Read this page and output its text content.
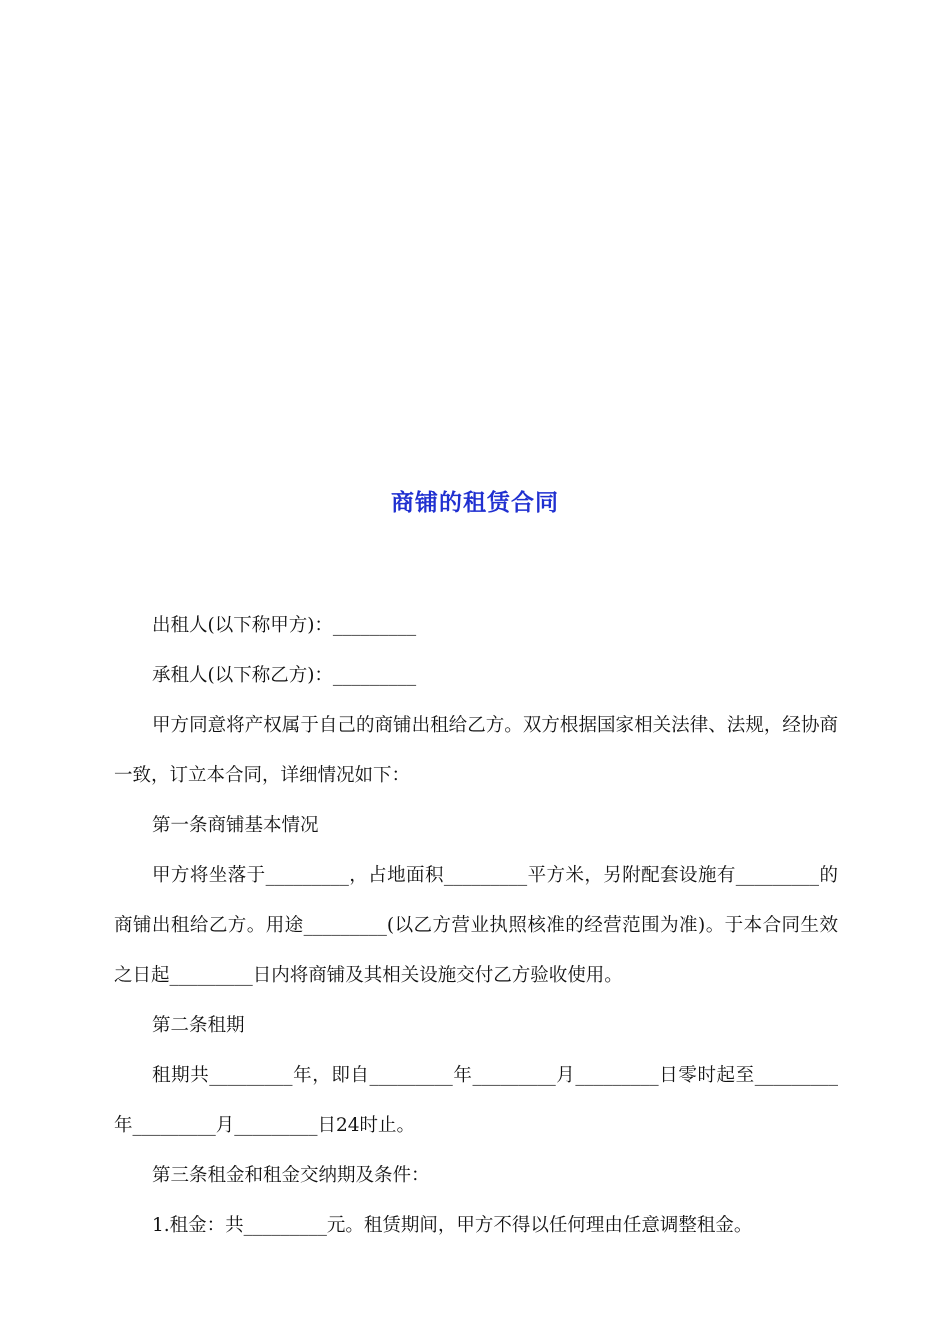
商铺的租赁合同

出租人(以下称甲方)：_________

承租人(以下称乙方)：_________

甲方同意将产权属于自己的商铺出租给乙方。双方根据国家相关法律、法规，经协商一致，订立本合同，详细情况如下：

第一条商铺基本情况

甲方将坐落于_________，占地面积_________平方米，另附配套设施有_________的商铺出租给乙方。用途_________(以乙方营业执照核准的经营范围为准)。于本合同生效之日起_________日内将商铺及其相关设施交付乙方验收使用。

第二条租期

租期共_________年，即自_________年_________月_________日零时起至_________年_________月_________日24时止。

第三条租金和租金交纳期及条件：

1.租金：共_________元。租赁期间，甲方不得以任何理由任意调整租金。
